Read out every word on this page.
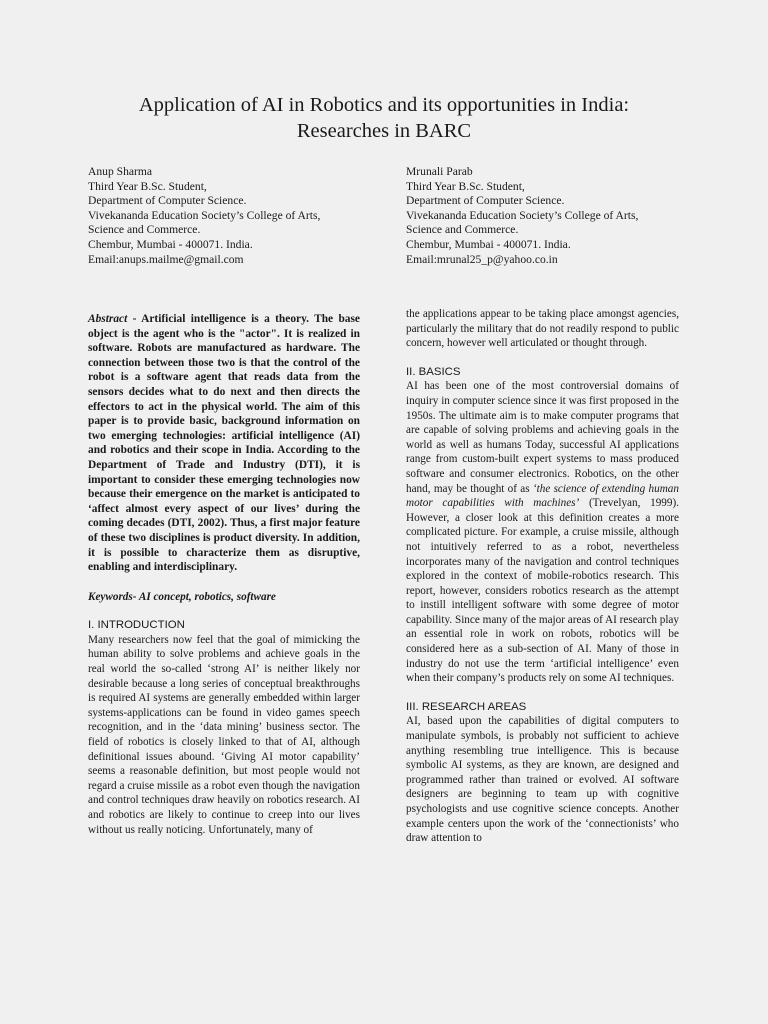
Application of AI in Robotics and its opportunities in India:
Researches in BARC
Anup Sharma
Third Year B.Sc. Student,
Department of Computer Science.
Vivekananda Education Society’s College of Arts,
Science and Commerce.
Chembur, Mumbai - 400071. India.
Email:anups.mailme@gmail.com
Mrunali Parab
Third Year B.Sc. Student,
Department of Computer Science.
Vivekananda Education Society’s College of Arts,
Science and Commerce.
Chembur, Mumbai - 400071. India.
Email:mrunal25_p@yahoo.co.in

Abstract - Artificial intelligence is a theory. The base object is the agent who is the "actor". It is realized in software. Robots are manufactured as hardware. The connection between those two is that the control of the robot is a software agent that reads data from the sensors decides what to do next and then directs the effectors to act in the physical world. The aim of this paper is to provide basic, background information on two emerging technologies: artificial intelligence (AI) and robotics and their scope in India. According to the Department of Trade and Industry (DTI), it is important to consider these emerging technologies now because their emergence on the market is anticipated to ‘affect almost every aspect of our lives’ during the coming decades (DTI, 2002). Thus, a first major feature of these two disciplines is product diversity. In addition, it is possible to characterize them as disruptive, enabling and interdisciplinary.

Keywords- AI concept, robotics, software

I. INTRODUCTION

Many researchers now feel that the goal of mimicking the human ability to solve problems and achieve goals in the real world the so-called ‘strong AI’ is neither likely nor desirable because a long series of conceptual breakthroughs is required AI systems are generally embedded within larger systems-applications can be found in video games speech recognition, and in the ‘data mining’ business sector. The field of robotics is closely linked to that of AI, although definitional issues abound. ‘Giving AI motor capability’ seems a reasonable definition, but most people would not regard a cruise missile as a robot even though the navigation and control techniques draw heavily on robotics research. AI and robotics are likely to continue to creep into our lives without us really noticing. Unfortunately, many of

the applications appear to be taking place amongst agencies, particularly the military that do not readily respond to public concern, however well articulated or thought through.

II. BASICS

AI has been one of the most controversial domains of inquiry in computer science since it was first proposed in the 1950s. The ultimate aim is to make computer programs that are capable of solving problems and achieving goals in the world as well as humans Today, successful AI applications range from custom-built expert systems to mass produced software and consumer electronics. Robotics, on the other hand, may be thought of as ‘the science of extending human motor capabilities with machines’ (Trevelyan, 1999). However, a closer look at this definition creates a more complicated picture. For example, a cruise missile, although not intuitively referred to as a robot, nevertheless incorporates many of the navigation and control techniques explored in the context of mobile-robotics research. This report, however, considers robotics research as the attempt to instill intelligent software with some degree of motor capability. Since many of the major areas of AI research play an essential role in work on robots, robotics will be considered here as a sub-section of AI. Many of those in industry do not use the term ‘artificial intelligence’ even when their company’s products rely on some AI techniques.

III. RESEARCH AREAS

AI, based upon the capabilities of digital computers to manipulate symbols, is probably not sufficient to achieve anything resembling true intelligence. This is because symbolic AI systems, as they are known, are designed and programmed rather than trained or evolved. AI software designers are beginning to team up with cognitive psychologists and use cognitive science concepts. Another example centers upon the work of the ‘connectionists’ who draw attention to
